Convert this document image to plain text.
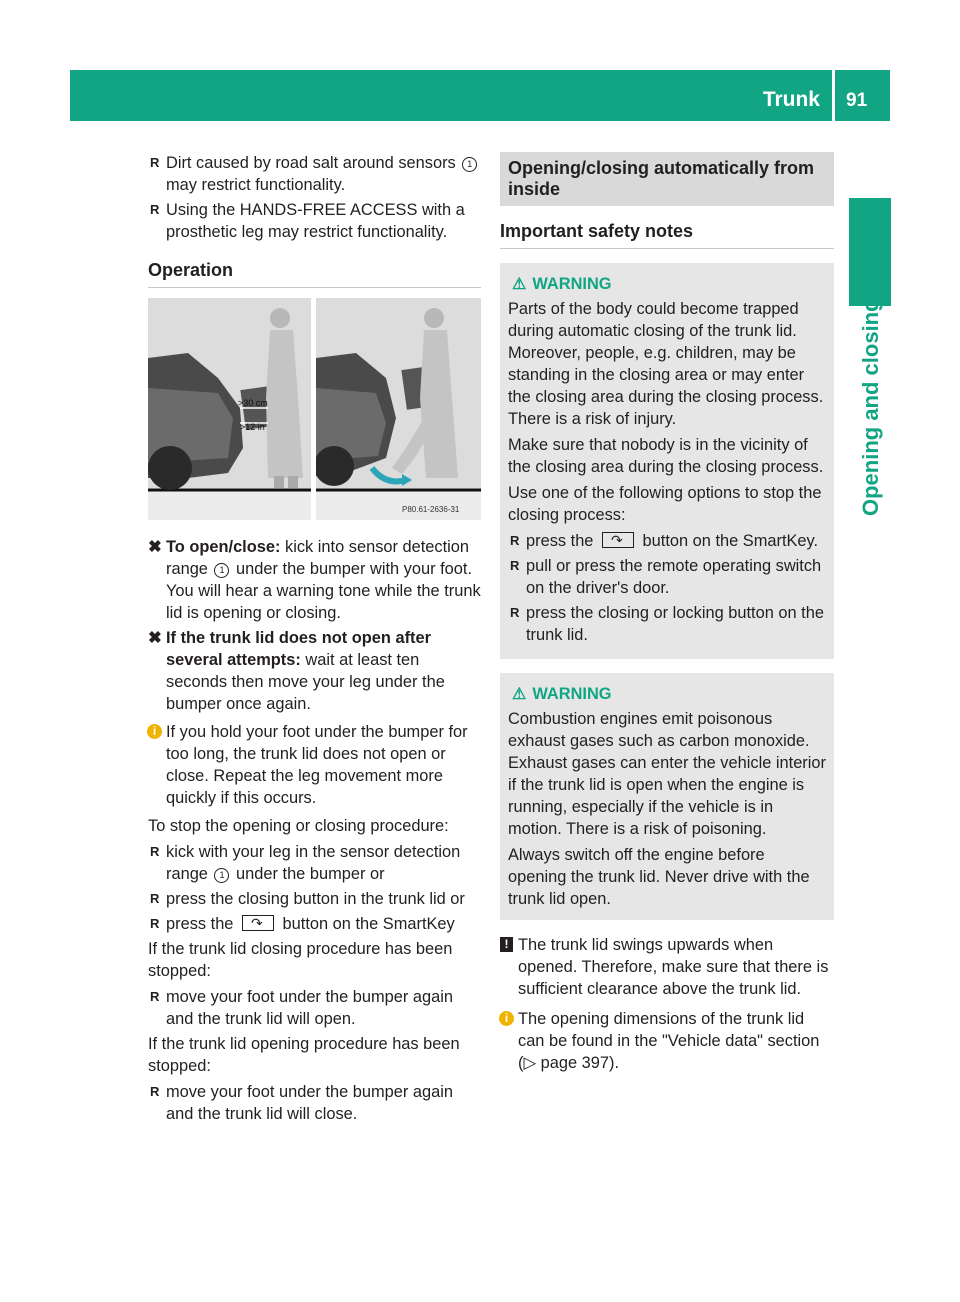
Trunk 91
Opening and closing
R Dirt caused by road salt around sensors 1
may restrict functionality.
R Using the HANDS-FREE ACCESS with a prosthetic leg may restrict functionality.
Operation
>30 cm
>12 in
P80.61-2636-31
✖ To open/close: kick into sensor detection range 1 under the bumper with your foot. You will hear a warning tone while the trunk lid is opening or closing.
✖ If the trunk lid does not open after several attempts: wait at least ten seconds then move your leg under the bumper once again.
i If you hold your foot under the bumper for too long, the trunk lid does not open or close. Repeat the leg movement more quickly if this occurs.

To stop the opening or closing procedure:

R kick with your leg in the sensor detection range 1 under the bumper or
R press the closing button in the trunk lid or
R press the ↷ button on the SmartKey

If the trunk lid closing procedure has been stopped:

R move your foot under the bumper again and the trunk lid will open.

If the trunk lid opening procedure has been stopped:

R move your foot under the bumper again and the trunk lid will close.
Opening/closing automatically from inside
Important safety notes
⚠ WARNING

Parts of the body could become trapped during automatic closing of the trunk lid. Moreover, people, e.g. children, may be standing in the closing area or may enter the closing area during the closing process. There is a risk of injury.

Make sure that nobody is in the vicinity of the closing area during the closing process.

Use one of the following options to stop the closing process:

R press the ↷ button on the SmartKey.
R pull or press the remote operating switch on the driver's door.
R press the closing or locking button on the trunk lid.
⚠ WARNING

Combustion engines emit poisonous exhaust gases such as carbon monoxide. Exhaust gases can enter the vehicle interior if the trunk lid is open when the engine is running, especially if the vehicle is in motion. There is a risk of poisoning.

Always switch off the engine before opening the trunk lid. Never drive with the trunk lid open.

! The trunk lid swings upwards when opened. Therefore, make sure that there is sufficient clearance above the trunk lid.
i The opening dimensions of the trunk lid can be found in the "Vehicle data" section (▷ page 397).
